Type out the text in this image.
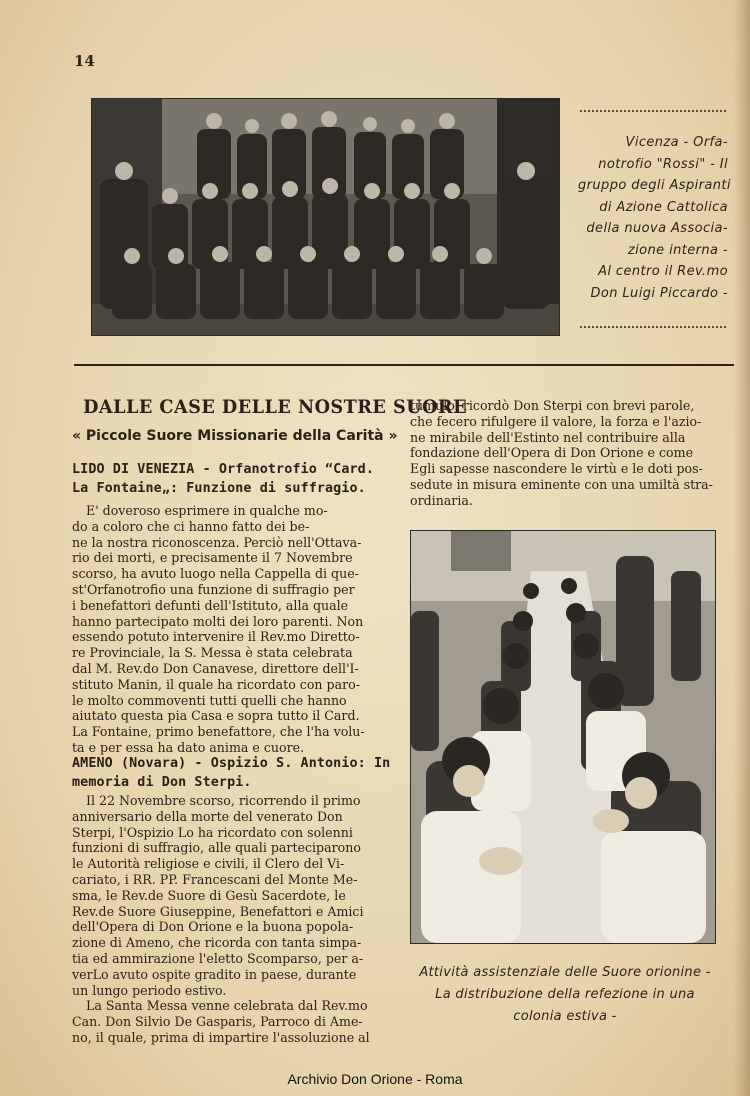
14
Vicenza - Orfa-
notrofio "Rossi" - Il
gruppo degli Aspiranti
di Azione Cattolica
della nuova Associa-
zione interna -
Al centro il Rev.mo
Don Luigi Piccardo -
DALLE CASE DELLE NOSTRE SUORE
« Piccole Suore Missionarie della Carità »
LIDO DI VENEZIA - Orfanotrofio “Card.
La Fontaine„: Funzione di suffragio.
E' doveroso esprimere in qualche mo-
do a coloro che ci hanno fatto dei be-
ne la nostra riconoscenza. Perciò nell'Ottava-
rio dei morti, e precisamente il 7 Novembre
scorso, ha avuto luogo nella Cappella di que-
st'Orfanotrofio una funzione di suffragio per
i benefattori defunti dell'Istituto, alla quale
hanno partecipato molti dei loro parenti. Non
essendo potuto intervenire il Rev.mo Diretto-
re Provinciale, la S. Messa è stata celebrata
dal M. Rev.do Don Canavese, direttore dell'I-
stituto Manin, il quale ha ricordato con paro-
le molto commoventi tutti quelli che hanno
aiutato questa pia Casa e sopra tutto il Card.
La Fontaine, primo benefattore, che l'ha volu-
ta e per essa ha dato anima e cuore.
AMENO (Novara) - Ospizio S. Antonio: In
memoria di Don Sterpi.
Il 22 Novembre scorso, ricorrendo il primo
anniversario della morte del venerato Don
Sterpi, l'Ospizio Lo ha ricordato con solenni
funzioni di suffragio, alle quali parteciparono
le Autorità religiose e civili, il Clero del Vi-
cariato, i RR. PP. Francescani del Monte Me-
sma, le Rev.de Suore di Gesù Sacerdote, le
Rev.de Suore Giuseppine, Benefattori e Amici
dell'Opera di Don Orione e la buona popola-
zione di Ameno, che ricorda con tanta simpa-
tia ed ammirazione l'eletto Scomparso, per a-
verLo avuto ospite gradito in paese, durante
un lungo periodo estivo.
La Santa Messa venne celebrata dal Rev.mo
Can. Don Silvio De Gasparis, Parroco di Ame-
no, il quale, prima di impartire l'assoluzione al
tumulo, ricordò Don Sterpi con brevi parole,
che fecero rifulgere il valore, la forza e l'azio-
ne mirabile dell'Estinto nel contribuire alla
fondazione dell'Opera di Don Orione e come
Egli sapesse nascondere le virtù e le doti pos-
sedute in misura eminente con una umiltà stra-
ordinaria.
Attività assistenziale delle Suore orionine -
La distribuzione della refezione in una
colonia estiva -
Archivio Don Orione - Roma
